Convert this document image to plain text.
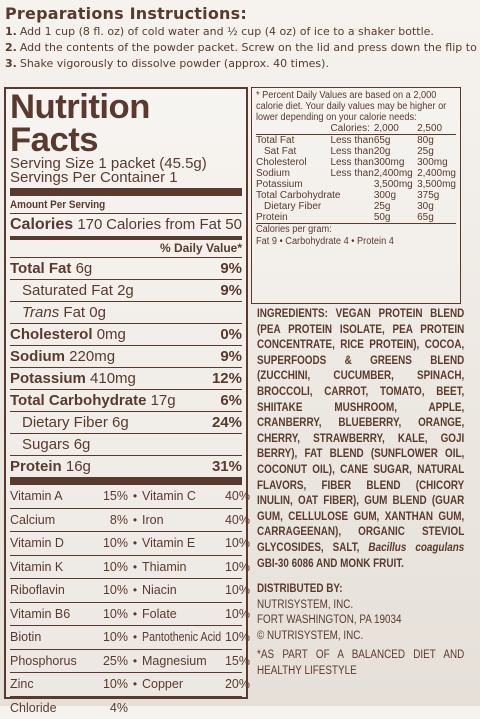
Preparations Instructions:
1. Add 1 cup (8 fl. oz) of cold water and ½ cup (4 oz) of ice to a shaker bottle.
2. Add the contents of the powder packet. Screw on the lid and press down the flip to
3. Shake vigorously to dissolve powder (approx. 40 times).
Nutrition Facts
Serving Size 1 packet (45.5g)
Servings Per Container 1
Amount Per Serving
Calories 170 Calories from Fat 50
% Daily Value*
Total Fat 6g	9%
Saturated Fat 2g	9%
Trans Fat 0g
Cholesterol 0mg	0%
Sodium 220mg	9%
Potassium 410mg	12%
Total Carbohydrate 17g	6%
Dietary Fiber 6g	24%
Sugars 6g
Protein 16g	31%
Vitamin A	15% • Vitamin C	40%
Calcium	8% • Iron	40%
Vitamin D	10% • Vitamin E	10%
Vitamin K	10% • Thiamin	10%
Riboflavin	10% • Niacin	10%
Vitamin B6	10% • Folate	10%
Biotin	10% • Pantothenic Acid 10%
Phosphorus	25% • Magnesium	15%
Zinc	10% • Copper	20%
Chloride	4%
* Percent Daily Values are based on a 2,000 calorie diet. Your daily values may be higher or lower depending on your calorie needs:
	Calories:	2,000	2,500
Total Fat	Less than	65g	80g
Sat Fat	Less than	20g	25g
Cholesterol	Less than	300mg	300mg
Sodium	Less than	2,400mg	2,400mg
Potassium		3,500mg	3,500mg
Total Carbohydrate		300g	375g
Dietary Fiber		25g	30g
Protein		50g	65g
Calories per gram:
Fat 9 • Carbohydrate 4 • Protein 4

INGREDIENTS: VEGAN PROTEIN BLEND (PEA PROTEIN ISOLATE, PEA PROTEIN CONCENTRATE, RICE PROTEIN), COCOA, SUPERFOODS & GREENS BLEND (ZUCCHINI, CUCUMBER, SPINACH, BROCCOLI, CARROT, TOMATO, BEET, SHIITAKE MUSHROOM, APPLE, CRANBERRY, BLUEBERRY, ORANGE, CHERRY, STRAWBERRY, KALE, GOJI BERRY), FAT BLEND (SUNFLOWER OIL, COCONUT OIL), CANE SUGAR, NATURAL FLAVORS, FIBER BLEND (CHICORY INULIN, OAT FIBER), GUM BLEND (GUAR GUM, CELLULOSE GUM, XANTHAN GUM, CARRAGEENAN), ORGANIC STEVIOL GLYCOSIDES, SALT, Bacillus coagulans GBI-30 6086 AND MONK FRUIT.

DISTRIBUTED BY:

NUTRISYSTEM, INC.

FORT WASHINGTON, PA 19034

© NUTRISYSTEM, INC.

*AS PART OF A BALANCED DIET AND HEALTHY LIFESTYLE
